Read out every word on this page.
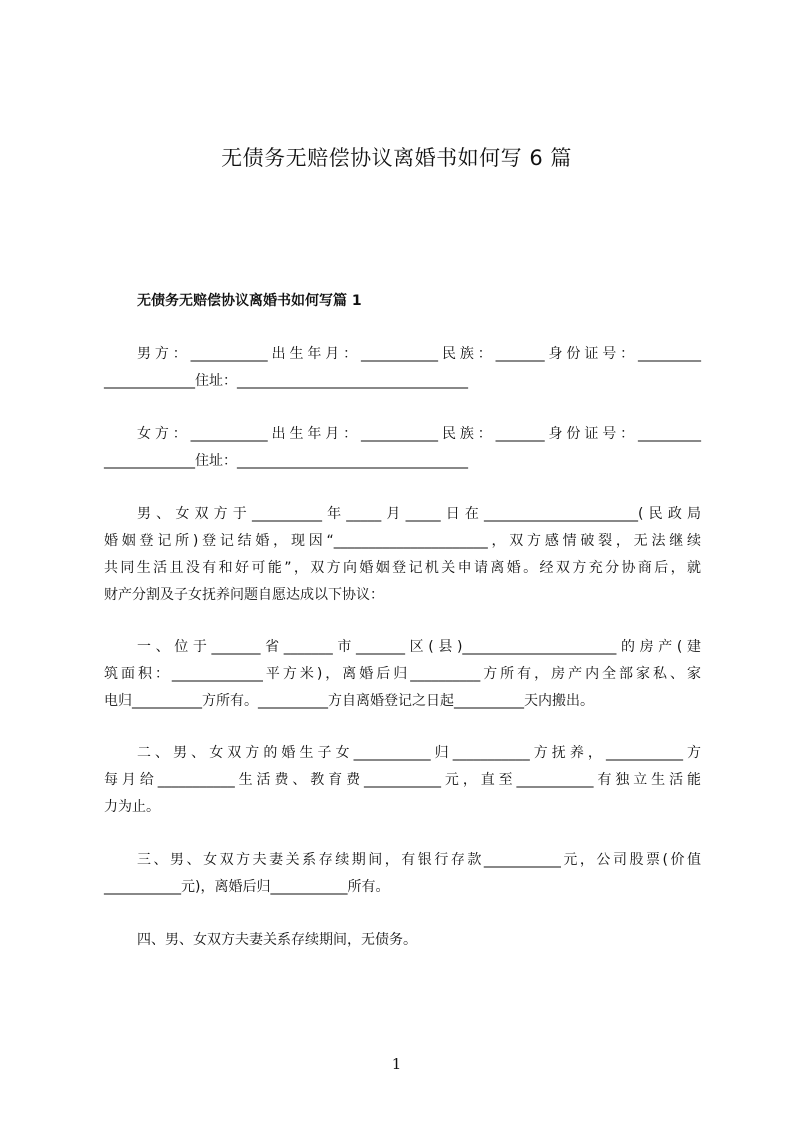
无债务无赔偿协议离婚书如何写 6 篇
无债务无赔偿协议离婚书如何写篇 1
男方：___________出生年月：___________民族：_______身份证号：_________
_____________住址：_________________________________
女方：___________出生年月：___________民族：_______身份证号：_________
_____________住址：_________________________________
男、女双方于__________年_____月_____日在______________________(民政局
婚姻登记所)登记结婚，现因“______________________，双方感情破裂，无法继续
共同生活且没有和好可能”，双方向婚姻登记机关申请离婚。经双方充分协商后，就
财产分割及子女抚养问题自愿达成以下协议：
一、位于_______省_______市_______区(县)______________________的房产(建
筑面积：_____________平方米)，离婚后归__________方所有，房产内全部家私、家
电归__________方所有。__________方自离婚登记之日起__________天内搬出。
二、男、女双方的婚生子女___________归___________方抚养，___________方
每月给___________生活费、教育费___________元，直至___________有独立生活能
力为止。
三、男、女双方夫妻关系存续期间，有银行存款___________元，公司股票(价值
___________元)，离婚后归___________所有。
四、男、女双方夫妻关系存续期间，无债务。
1
